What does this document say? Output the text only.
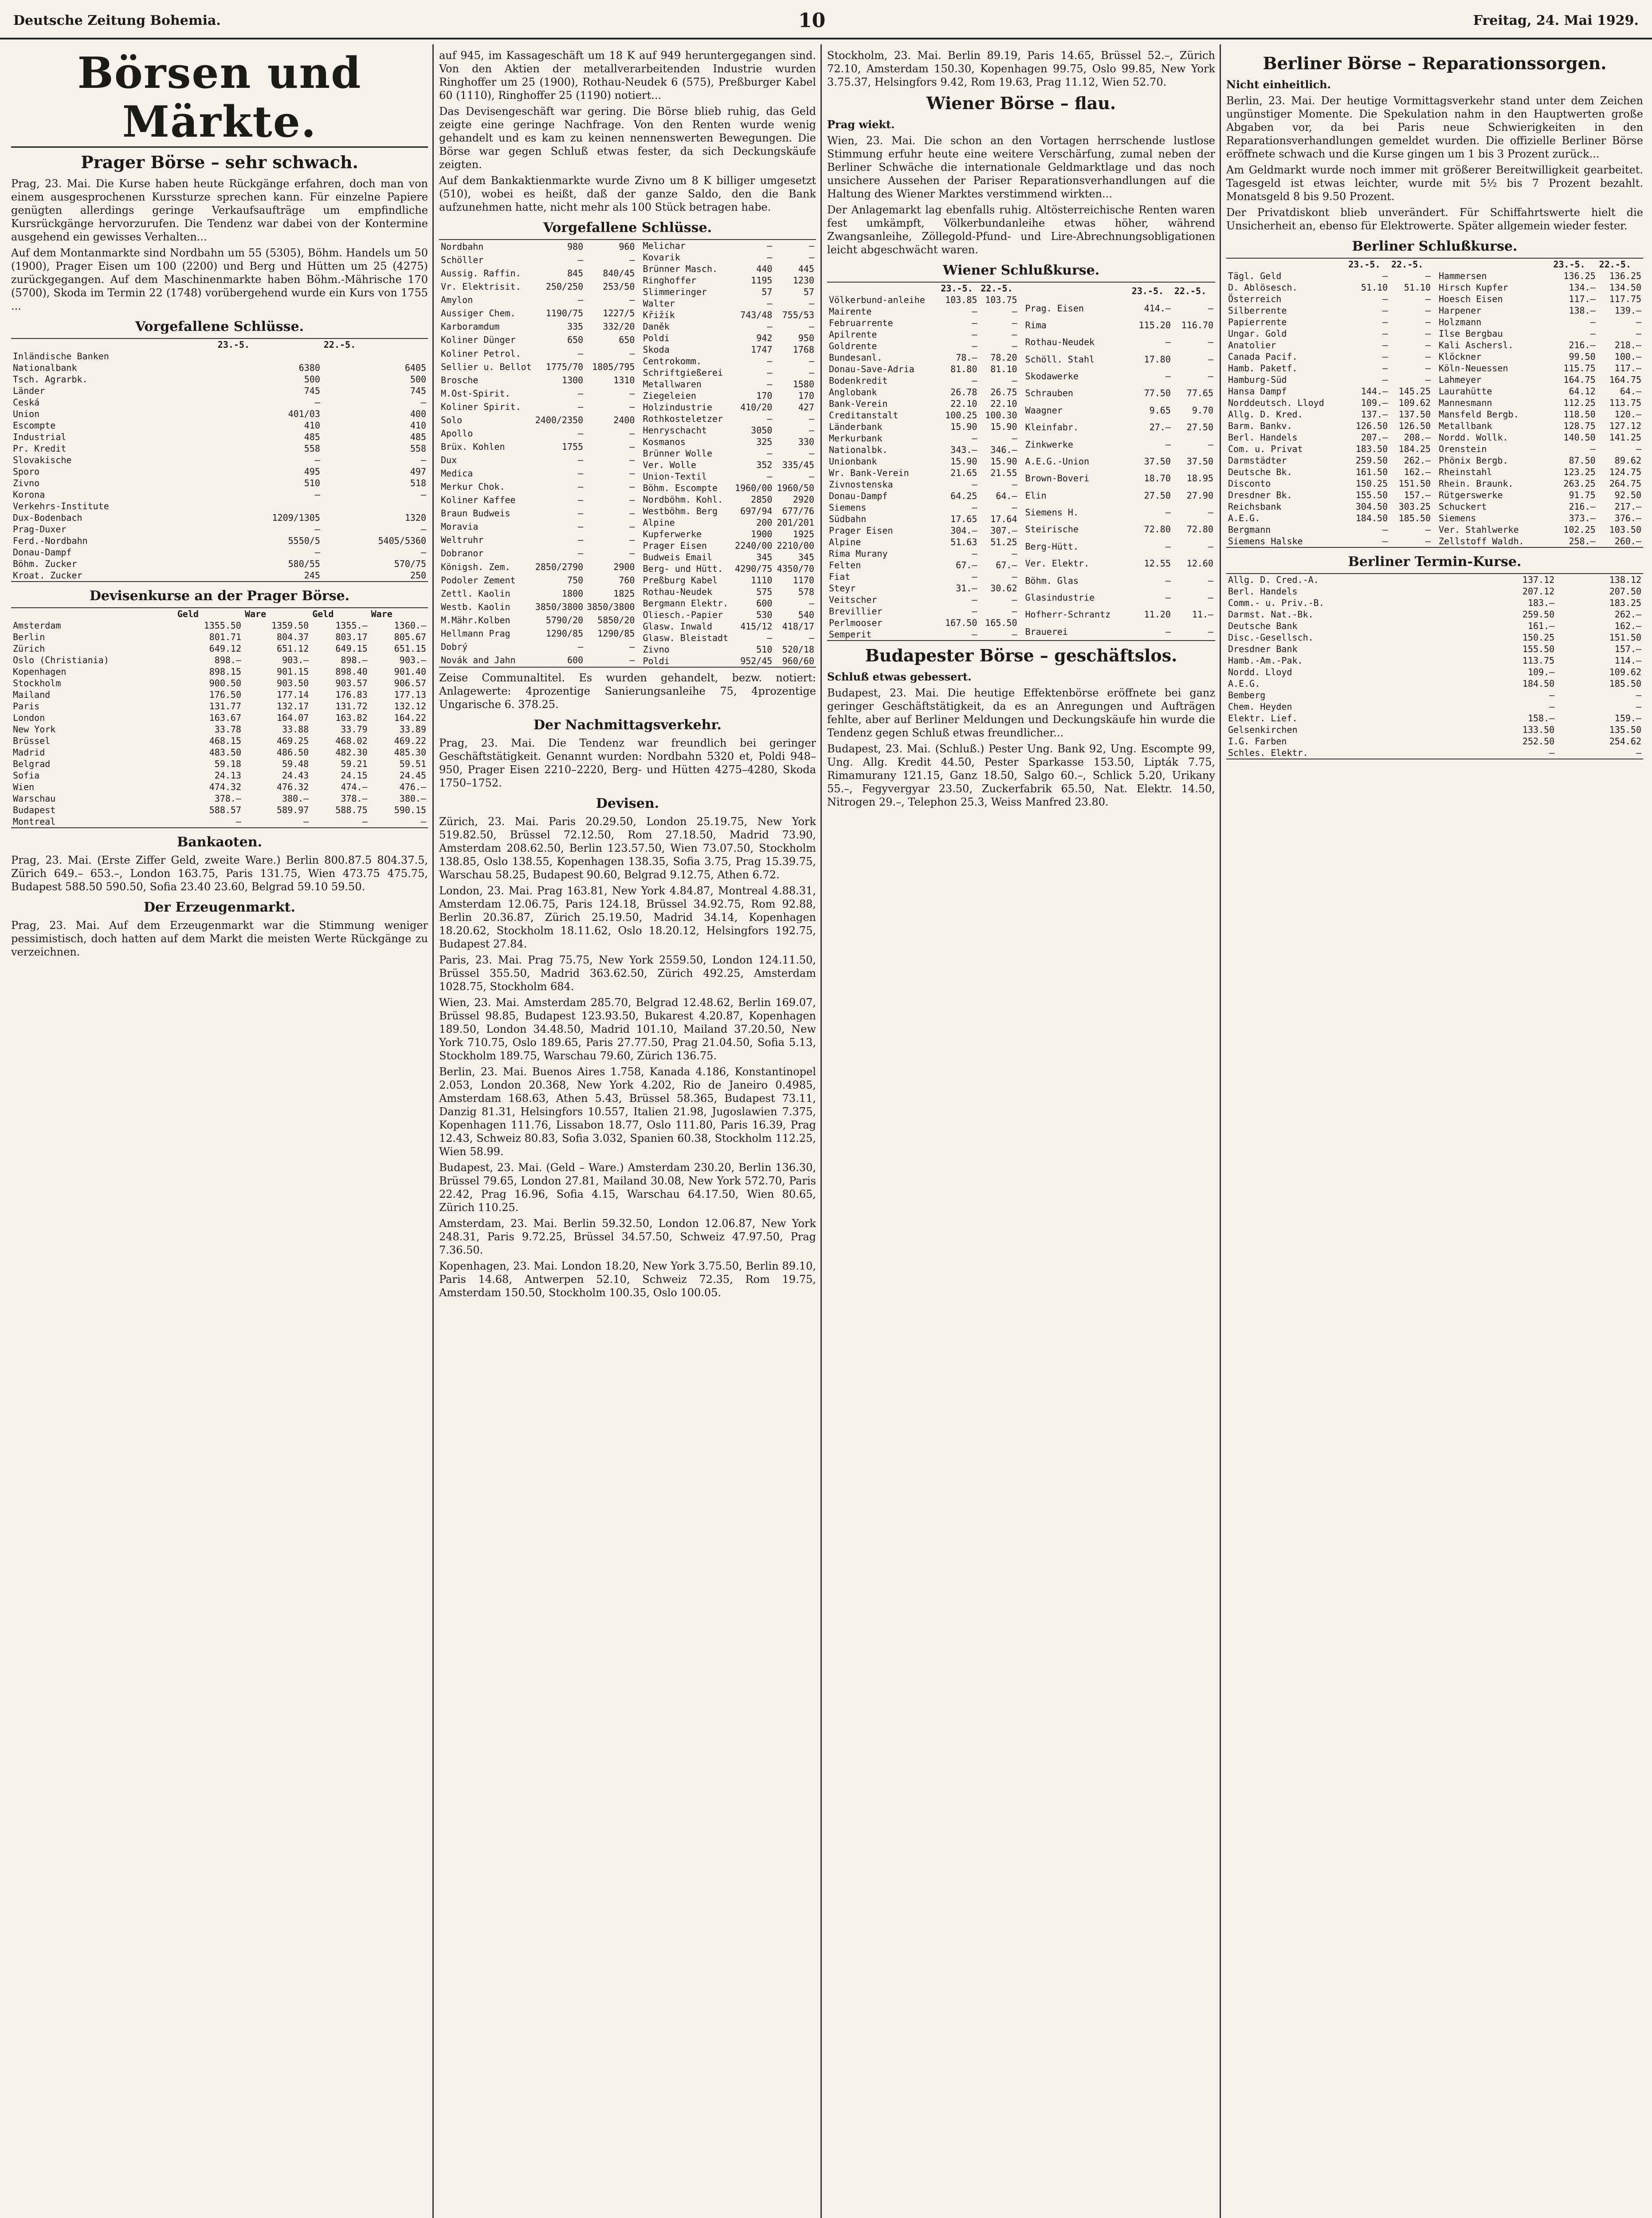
Deutsche Zeitung Bohemia.	10	Freitag, 24. Mai 1929.
Börsen und Märkte.
Prager Börse – sehr schwach.

Prag, 23. Mai. Die Kurse haben heute Rückgänge erfahren, doch man von einem ausgesprochenen Kurssturze sprechen kann. Für einzelne Papiere genügten allerdings geringe Verkaufsaufträge um empfindliche Kursrückgänge hervorzurufen. Die Tendenz war dabei von der Kontermine ausgehend ein gewisses Verhalten...

Auf dem Montanmarkte sind Nordbahn um 55 (5305), Böhm. Handels um 50 (1900), Prager Eisen um 100 (2200) und Berg und Hütten um 25 (4275) zurückgegangen. Auf dem Maschinenmarkte haben Böhm.-Mährische 170 (5700), Skoda im Termin 22 (1748) vorübergehend wurde ein Kurs von 1755 ...

Vorgefallene Schlüsse.
	23.-5.	22.-5.
Inländische Banken		
Nationalbank	6380	6405
Tsch. Agrarbk.	500	500
Länder	745	745
Ceská	–	–
Union	401/03	400
Escompte	410	410
Industrial	485	485
Pr. Kredit	558	558
Slovakische	–	–
Sporo	495	497
Zivno	510	518
Korona	–	–
Verkehrs-Institute		
Dux-Bodenbach	1209/1305	1320
Prag-Duxer	–	–
Ferd.-Nordbahn	5550/5	5405/5360
Donau-Dampf	–	–
Böhm. Zucker	580/55	570/75
Kroat. Zucker	245	250
Devisenkurse an der Prager Börse.
	Geld	Ware	Geld	Ware
Amsterdam	1355.50	1359.50	1355.–	1360.–
Berlin	801.71	804.37	803.17	805.67
Zürich	649.12	651.12	649.15	651.15
Oslo (Christiania)	898.–	903.–	898.–	903.–
Kopenhagen	898.15	901.15	898.40	901.40
Stockholm	900.50	903.50	903.57	906.57
Mailand	176.50	177.14	176.83	177.13
Paris	131.77	132.17	131.72	132.12
London	163.67	164.07	163.82	164.22
New York	33.78	33.88	33.79	33.89
Brüssel	468.15	469.25	468.02	469.22
Madrid	483.50	486.50	482.30	485.30
Belgrad	59.18	59.48	59.21	59.51
Sofia	24.13	24.43	24.15	24.45
Wien	474.32	476.32	474.–	476.–
Warschau	378.–	380.–	378.–	380.–
Budapest	588.57	589.97	588.75	590.15
Montreal	–	–	–	–
Bankaoten.

Prag, 23. Mai. (Erste Ziffer Geld, zweite Ware.) Berlin 800.87.5 804.37.5, Zürich 649.– 653.–, London 163.75, Paris 131.75, Wien 473.75 475.75, Budapest 588.50 590.50, Sofia 23.40 23.60, Belgrad 59.10 59.50.

Der Erzeugenmarkt.

Prag, 23. Mai. Auf dem Erzeugenmarkt war die Stimmung weniger pessimistisch, doch hatten auf dem Markt die meisten Werte Rückgänge zu verzeichnen.

auf 945, im Kassageschäft um 18 K auf 949 heruntergegangen sind. Von den Aktien der metallverarbeitenden Industrie wurden Ringhoffer um 25 (1900), Rothau-Neudek 6 (575), Preßburger Kabel 60 (1110), Ringhoffer 25 (1190) notiert...

Das Devisengeschäft war gering. Die Börse blieb ruhig, das Geld zeigte eine geringe Nachfrage. Von den Renten wurde wenig gehandelt und es kam zu keinen nennenswerten Bewegungen. Die Börse war gegen Schluß etwas fester, da sich Deckungskäufe zeigten.

Auf dem Bankaktienmarkte wurde Zivno um 8 K billiger umgesetzt (510), wobei es heißt, daß der ganze Saldo, den die Bank aufzunehmen hatte, nicht mehr als 100 Stück betragen habe.

Vorgefallene Schlüsse.
Nordbahn	980	960
Schöller	–	–
Aussig. Raffin.	845	840/45
Vr. Elektrisit.	250/250	253/50
Amylon	–	–
Aussiger Chem.	1190/75	1227/5
Karboramdum	335	332/20
Koliner Dünger	650	650
Koliner Petrol.	–	–
Sellier u. Bellot	1775/70	1805/795
Brosche	1300	1310
M.Ost-Spirit.	–	–
Koliner Spirit.	–	–
Solo	2400/2350	2400
Apollo	–	–
Brüx. Kohlen	1755	–
Dux	–	–
Medica	–	–
Merkur Chok.	–	–
Koliner Kaffee	–	–
Braun Budweis	–	–
Moravia	–	–
Weltruhr	–	–
Dobranor	–	–
Königsh. Zem.	2850/2790	2900
Podoler Zement	750	760
Zettl. Kaolin	1800	1825
Westb. Kaolin	3850/3800	3850/3800
M.Mähr.Kolben	5790/20	5850/20
Hellmann Prag	1290/85	1290/85
Dobrý	–	–
Novák and Jahn	600	–
Melichar	–	–
Kovarik	–	–
Brünner Masch.	440	445
Ringhoffer	1195	1230
Slimmeringer	57	57
Walter	–	–
Křižík	743/48	755/53
Daněk	–	–
Poldi	942	950
Skoda	1747	1768
Centrokomm.	–	–
Schriftgießerei	–	–
Metallwaren	–	1580
Ziegeleien	170	170
Holzindustrie	410/20	427
Rothkosteletzer	–	–
Henryschacht	3050	–
Kosmanos	325	330
Brünner Wolle	–	–
Ver. Wolle	352	335/45
Union-Textil	–	–
Böhm. Escompte	1960/00	1960/50
Nordböhm. Kohl.	2850	2920
Westböhm. Berg	697/94	677/76
Alpine	200	201/201
Kupferwerke	1900	1925
Prager Eisen	2240/00	2210/00
Budweis Email	345	345
Berg- und Hütt.	4290/75	4350/70
Preßburg Kabel	1110	1170
Rothau-Neudek	575	578
Bergmann Elektr.	600	–
Oliesch.-Papier	530	540
Glasw. Inwald	415/12	418/17
Glasw. Bleistadt	–	–
Zivno	510	520/18
Poldi	952/45	960/60

Zeise Communaltitel. Es wurden gehandelt, bezw. notiert: Anlagewerte: 4prozentige Sanierungsanleihe 75, 4prozentige Ungarische 6. 378.25.

Der Nachmittagsverkehr.

Prag, 23. Mai. Die Tendenz war freundlich bei geringer Geschäftstätigkeit. Genannt wurden: Nordbahn 5320 et, Poldi 948–950, Prager Eisen 2210–2220, Berg- und Hütten 4275–4280, Skoda 1750–1752.

Devisen.

Zürich, 23. Mai. Paris 20.29.50, London 25.19.75, New York 519.82.50, Brüssel 72.12.50, Rom 27.18.50, Madrid 73.90, Amsterdam 208.62.50, Berlin 123.57.50, Wien 73.07.50, Stockholm 138.85, Oslo 138.55, Kopenhagen 138.35, Sofia 3.75, Prag 15.39.75, Warschau 58.25, Budapest 90.60, Belgrad 9.12.75, Athen 6.72.

London, 23. Mai. Prag 163.81, New York 4.84.87, Montreal 4.88.31, Amsterdam 12.06.75, Paris 124.18, Brüssel 34.92.75, Rom 92.88, Berlin 20.36.87, Zürich 25.19.50, Madrid 34.14, Kopenhagen 18.20.62, Stockholm 18.11.62, Oslo 18.20.12, Helsingfors 192.75, Budapest 27.84.

Paris, 23. Mai. Prag 75.75, New York 2559.50, London 124.11.50, Brüssel 355.50, Madrid 363.62.50, Zürich 492.25, Amsterdam 1028.75, Stockholm 684.

Wien, 23. Mai. Amsterdam 285.70, Belgrad 12.48.62, Berlin 169.07, Brüssel 98.85, Budapest 123.93.50, Bukarest 4.20.87, Kopenhagen 189.50, London 34.48.50, Madrid 101.10, Mailand 37.20.50, New York 710.75, Oslo 189.65, Paris 27.77.50, Prag 21.04.50, Sofia 5.13, Stockholm 189.75, Warschau 79.60, Zürich 136.75.

Berlin, 23. Mai. Buenos Aires 1.758, Kanada 4.186, Konstantinopel 2.053, London 20.368, New York 4.202, Rio de Janeiro 0.4985, Amsterdam 168.63, Athen 5.43, Brüssel 58.365, Budapest 73.11, Danzig 81.31, Helsingfors 10.557, Italien 21.98, Jugoslawien 7.375, Kopenhagen 111.76, Lissabon 18.77, Oslo 111.80, Paris 16.39, Prag 12.43, Schweiz 80.83, Sofia 3.032, Spanien 60.38, Stockholm 112.25, Wien 58.99.

Budapest, 23. Mai. (Geld – Ware.) Amsterdam 230.20, Berlin 136.30, Brüssel 79.65, London 27.81, Mailand 30.08, New York 572.70, Paris 22.42, Prag 16.96, Sofia 4.15, Warschau 64.17.50, Wien 80.65, Zürich 110.25.

Amsterdam, 23. Mai. Berlin 59.32.50, London 12.06.87, New York 248.31, Paris 9.72.25, Brüssel 34.57.50, Schweiz 47.97.50, Prag 7.36.50.

Kopenhagen, 23. Mai. London 18.20, New York 3.75.50, Berlin 89.10, Paris 14.68, Antwerpen 52.10, Schweiz 72.35, Rom 19.75, Amsterdam 150.50, Stockholm 100.35, Oslo 100.05.

Stockholm, 23. Mai. Berlin 89.19, Paris 14.65, Brüssel 52.–, Zürich 72.10, Amsterdam 150.30, Kopenhagen 99.75, Oslo 99.85, New York 3.75.37, Helsingfors 9.42, Rom 19.63, Prag 11.12, Wien 52.70.

Wiener Börse – flau.

Prag wiekt.

Wien, 23. Mai. Die schon an den Vortagen herrschende lustlose Stimmung erfuhr heute eine weitere Verschärfung, zumal neben der Berliner Schwäche die internationale Geldmarktlage und das noch unsichere Aussehen der Pariser Reparationsverhandlungen auf die Haltung des Wiener Marktes verstimmend wirkten...

Der Anlagemarkt lag ebenfalls ruhig. Altösterreichische Renten waren fest umkämpft, Völkerbundanleihe etwas höher, während Zwangsanleihe, Zöllegold-Pfund- und Lire-Abrechnungsobligationen leicht abgeschwächt waren.

Wiener Schlußkurse.
	23.-5.	22.-5.
Völkerbund-anleihe	103.85	103.75
Mairente	–	–
Februarrente	–	–
Apilrente	–	–
Goldrente	–	–
Bundesanl.	78.–	78.20
Donau-Save-Adria	81.80	81.10
Bodenkredit	–	–
Anglobank	26.78	26.75
Bank-Verein	22.10	22.10
Creditanstalt	100.25	100.30
Länderbank	15.90	15.90
Merkurbank	–	–
Nationalbk.	343.–	346.–
Unionbank	15.90	15.90
Wr. Bank-Verein	21.65	21.55
Zivnostenska	–	–
Donau-Dampf	64.25	64.–
Siemens	–	–
Südbahn	17.65	17.64
Prager Eisen	304.–	307.–
Alpine	51.63	51.25
Rima Murany	–	–
Felten	67.–	67.–
Fiat	–	–
Steyr	31.–	30.62
Veitscher	–	–
Brevillier	–	–
Perlmooser	167.50	165.50
Semperit	–	–
	23.-5.	22.-5.
Prag. Eisen	414.–	–
Rima	115.20	116.70
Rothau-Neudek	–	–
Schöll. Stahl	17.80	–
Skodawerke	–	–
Schrauben	77.50	77.65
Waagner	9.65	9.70
Kleinfabr.	27.–	27.50
Zinkwerke	–	–
A.E.G.-Union	37.50	37.50
Brown-Boveri	18.70	18.95
Elin	27.50	27.90
Siemens H.	–	–
Steirische	72.80	72.80
Berg-Hütt.	–	–
Ver. Elektr.	12.55	12.60
Böhm. Glas	–	–
Glasindustrie	–	–
Hofherr-Schrantz	11.20	11.–
Brauerei	–	–
Budapester Börse – geschäftslos.

Schluß etwas gebessert.

Budapest, 23. Mai. Die heutige Effektenbörse eröffnete bei ganz geringer Geschäftstätigkeit, da es an Anregungen und Aufträgen fehlte, aber auf Berliner Meldungen und Deckungskäufe hin wurde die Tendenz gegen Schluß etwas freundlicher...

Budapest, 23. Mai. (Schluß.) Pester Ung. Bank 92, Ung. Escompte 99, Ung. Allg. Kredit 44.50, Pester Sparkasse 153.50, Lipták 7.75, Rimamurany 121.15, Ganz 18.50, Salgo 60.–, Schlick 5.20, Urikany 55.–, Fegyvergyar 23.50, Zuckerfabrik 65.50, Nat. Elektr. 14.50, Nitrogen 29.–, Telephon 25.3, Weiss Manfred 23.80.

Berliner Börse – Reparationssorgen.

Nicht einheitlich.

Berlin, 23. Mai. Der heutige Vormittagsverkehr stand unter dem Zeichen ungünstiger Momente. Die Spekulation nahm in den Hauptwerten große Abgaben vor, da bei Paris neue Schwierigkeiten in den Reparationsverhandlungen gemeldet wurden. Die offizielle Berliner Börse eröffnete schwach und die Kurse gingen um 1 bis 3 Prozent zurück...

Am Geldmarkt wurde noch immer mit größerer Bereitwilligkeit gearbeitet. Tagesgeld ist etwas leichter, wurde mit 5½ bis 7 Prozent bezahlt. Monatsgeld 8 bis 9.50 Prozent.

Der Privatdiskont blieb unverändert. Für Schiffahrtswerte hielt die Unsicherheit an, ebenso für Elektrowerte. Später allgemein wieder fester.

Berliner Schlußkurse.
	23.-5.	22.-5.
Tägl. Geld	–	–
D. Ablösesch.	51.10	51.10
Österreich	–	–
Silberrente	–	–
Papierrente	–	–
Ungar. Gold	–	–
Anatolier	–	–
Canada Pacif.	–	–
Hamb. Paketf.	–	–
Hamburg-Süd	–	–
Hansa Dampf	144.–	145.25
Norddeutsch. Lloyd	109.–	109.62
Allg. D. Kred.	137.–	137.50
Barm. Bankv.	126.50	126.50
Berl. Handels	207.–	208.–
Com. u. Privat	183.50	184.25
Darmstädter	259.50	262.–
Deutsche Bk.	161.50	162.–
Disconto	150.25	151.50
Dresdner Bk.	155.50	157.–
Reichsbank	304.50	303.25
A.E.G.	184.50	185.50
Bergmann	–	–
Siemens Halske	–	–
	23.-5.	22.-5.
Hammersen	136.25	136.25
Hirsch Kupfer	134.–	134.50
Hoesch Eisen	117.–	117.75
Harpener	138.–	139.–
Holzmann	–	–
Ilse Bergbau	–	–
Kali Aschersl.	216.–	218.–
Klöckner	99.50	100.–
Köln-Neuessen	115.75	117.–
Lahmeyer	164.75	164.75
Laurahütte	64.12	64.–
Mannesmann	112.25	113.75
Mansfeld Bergb.	118.50	120.–
Metallbank	128.75	127.12
Nordd. Wollk.	140.50	141.25
Orenstein	–	–
Phönix Bergb.	87.50	89.62
Rheinstahl	123.25	124.75
Rhein. Braunk.	263.25	264.75
Rütgerswerke	91.75	92.50
Schuckert	216.–	217.–
Siemens	373.–	376.–
Ver. Stahlwerke	102.25	103.50
Zellstoff Waldh.	258.–	260.–
Berliner Termin-Kurse.
Allg. D. Cred.-A.	137.12	138.12
Berl. Handels	207.12	207.50
Comm.- u. Priv.-B.	183.–	183.25
Darmst. Nat.-Bk.	259.50	262.–
Deutsche Bank	161.–	162.–
Disc.-Gesellsch.	150.25	151.50
Dresdner Bank	155.50	157.–
Hamb.-Am.-Pak.	113.75	114.–
Nordd. Lloyd	109.–	109.62
A.E.G.	184.50	185.50
Bemberg	–	–
Chem. Heyden	–	–
Elektr. Lief.	158.–	159.–
Gelsenkirchen	133.50	135.50
I.G. Farben	252.50	254.62
Schles. Elektr.	–	–
